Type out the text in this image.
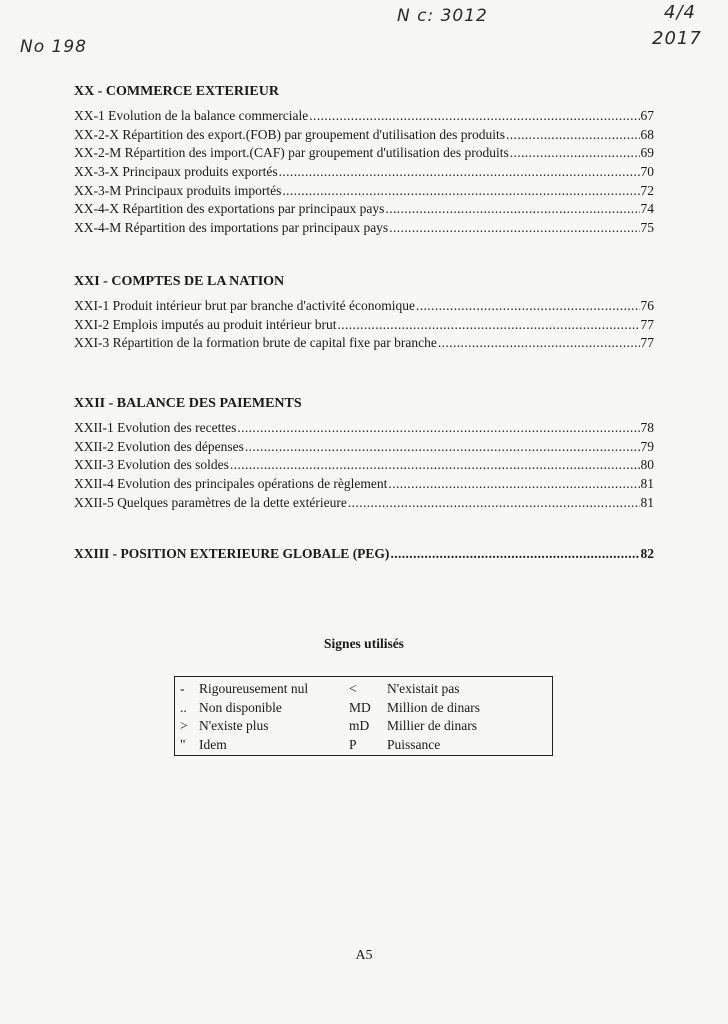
N c: 3012
No 198
4/4
2017
XX - COMMERCE EXTERIEUR
XX-1 Evolution de la balance commerciale .....	67
XX-2-X Répartition des export.(FOB) par groupement d'utilisation des produits .....	68
XX-2-M Répartition des import.(CAF) par groupement d'utilisation des produits .....	69
XX-3-X Principaux produits exportés .....	70
XX-3-M Principaux produits importés .....	72
XX-4-X Répartition des exportations par principaux pays .....	74
XX-4-M Répartition des importations par principaux pays .....	75
XXI - COMPTES DE LA NATION
XXI-1 Produit intérieur brut par branche d'activité économique .....	76
XXI-2 Emplois imputés au produit intérieur brut .....	77
XXI-3 Répartition de la formation brute de capital fixe par branche .....	77
XXII - BALANCE DES PAIEMENTS
XXII-1 Evolution des recettes .....	78
XXII-2 Evolution des dépenses .....	79
XXII-3 Evolution des soldes .....	80
XXII-4 Evolution des principales opérations de règlement .....	81
XXII-5 Quelques paramètres de la dette extérieure .....	81
XXIII - POSITION EXTERIEURE GLOBALE (PEG) .....	82
Signes utilisés
-	Rigoureusement nul	<	N'existait pas
.. Non disponible	MD	Million de dinars
> N'existe plus	mD	Millier de dinars
" Idem	P	Puissance
A5
